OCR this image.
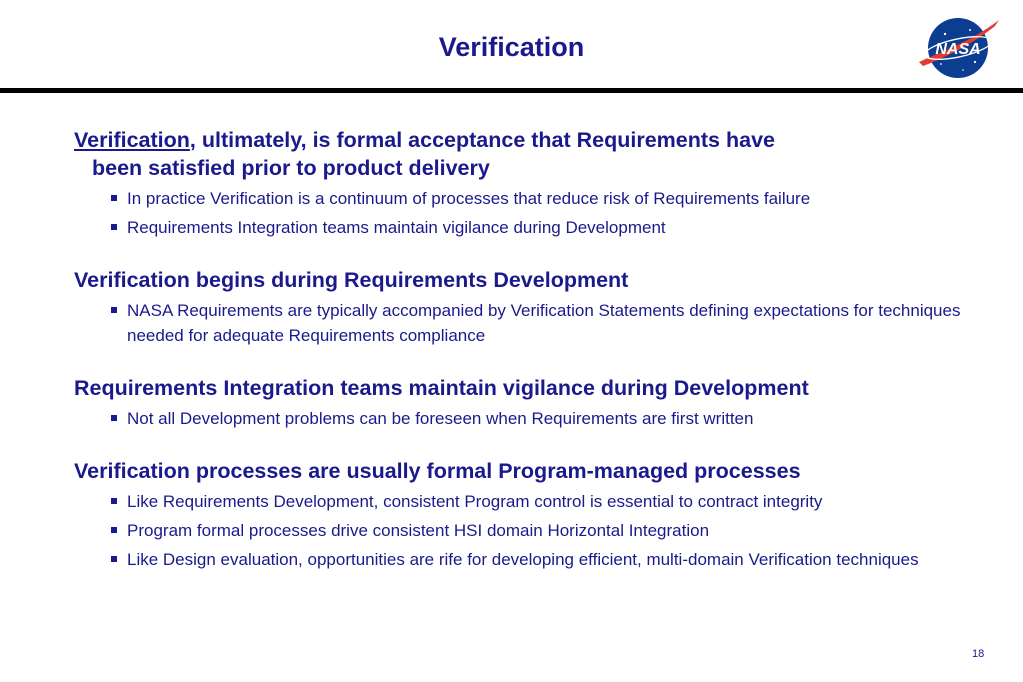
Verification	NASA
Verification, ultimately, is formal acceptance that Requirements have
been satisfied prior to product delivery
In practice Verification is a continuum of processes that reduce risk of Requirements failure
Requirements Integration teams maintain vigilance during Development
Verification begins during Requirements Development
NASA Requirements are typically accompanied by Verification Statements defining expectations for techniques needed for adequate Requirements compliance
Requirements Integration teams maintain vigilance during Development
Not all Development problems can be foreseen when Requirements are first written
Verification processes are usually formal Program-managed processes
Like Requirements Development, consistent Program control is essential to contract integrity
Program formal processes drive consistent HSI domain Horizontal Integration
Like Design evaluation, opportunities are rife for developing efficient, multi-domain Verification techniques
18
